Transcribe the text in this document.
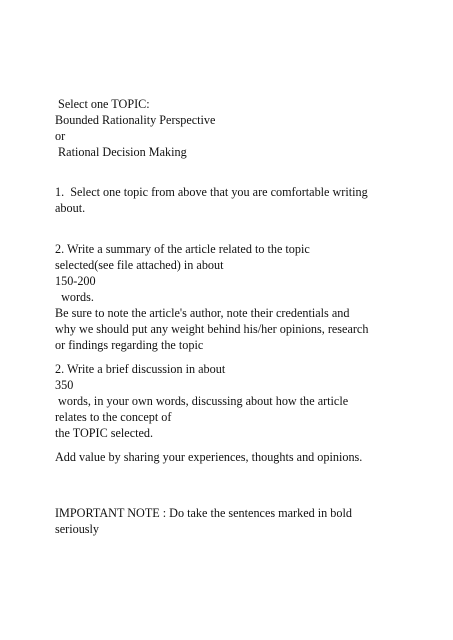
Select one TOPIC:
Bounded Rationality Perspective
or
Rational Decision Making
1.  Select one topic from above that you are comfortable writing
about.
2. Write a summary of the article related to the topic
selected(see file attached) in about
150-200
words.
Be sure to note the article's author, note their credentials and
why we should put any weight behind his/her opinions, research
or findings regarding the topic
2. Write a brief discussion in about
350
words, in your own words, discussing about how the article
relates to the concept of
the TOPIC selected.
Add value by sharing your experiences, thoughts and opinions.
IMPORTANT NOTE : Do take the sentences marked in bold
seriously
